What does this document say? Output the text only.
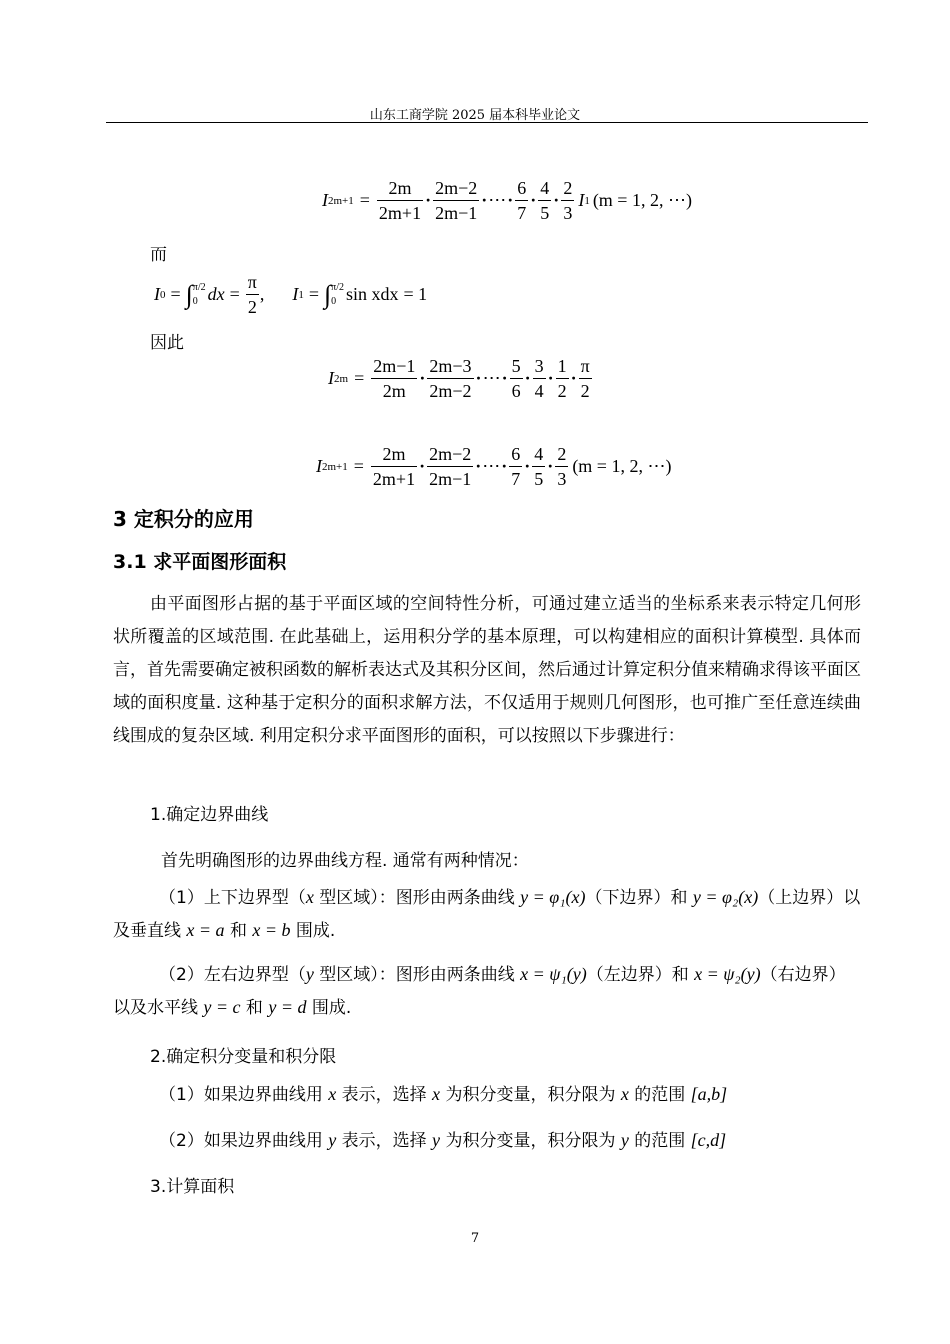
山东工商学院 2025 届本科毕业论文
I $2m+1 = \frac{2m}{2m+1} \cdot \frac{2m-2}{2m-1}$ · ⋯ · $\frac{6}{7} \cdot \frac{4}{5} \cdot \frac{2}{3}$ I 1 (m = 1, 2, ⋯)
而
I 0 = ∫ π/2
0 dx = $\frac{\pi}{2}$ , I 1 = ∫ π/2
0 sin xdx = 1
因此
I $2m = \frac{2m-1}{2m} \cdot \frac{2m-3}{2m-2}$ · ⋯ · $\frac{5}{6} \cdot \frac{3}{4} \cdot \frac{1}{2} \cdot \frac{\pi}{2}$
I $2m+1 = \frac{2m}{2m+1} \cdot \frac{2m-2}{2m-1}$ · ⋯ · $\frac{6}{7} \cdot \frac{4}{5} \cdot \frac{2}{3} (m = 1$, 2, ⋯)
3 定积分的应用
3.1 求平面图形面积
由平面图形占据的基于平面区域的空间特性分析，可通过建立适当的坐标系来表示特定几何形状所覆盖的区域范围. 在此基础上，运用积分学的基本原理，可以构建相应的面积计算模型. 具体而言，首先需要确定被积函数的解析表达式及其积分区间，然后通过计算定积分值来精确求得该平面区域的面积度量. 这种基于定积分的面积求解方法，不仅适用于规则几何图形，也可推广至任意连续曲线围成的复杂区域. 利用定积分求平面图形的面积，可以按照以下步骤进行：
1.确定边界曲线
首先明确图形的边界曲线方程. 通常有两种情况：
（1）上下边界型（x 型区域）：图形由两条曲线 y = φ₁(x)（下边界）和 y = φ₂(x)（上边界）以及垂直线 x = a 和 x = b 围成.
（2）左右边界型（y 型区域）：图形由两条曲线 x = ψ₁(y)（左边界）和 x = ψ₂(y)（右边界）以及水平线 y = c 和 y = d 围成.
2.确定积分变量和积分限
（1）如果边界曲线用 x 表示，选择 x 为积分变量，积分限为 x 的范围 [a,b]
（2）如果边界曲线用 y 表示，选择 y 为积分变量，积分限为 y 的范围 [c,d]
3.计算面积
7
